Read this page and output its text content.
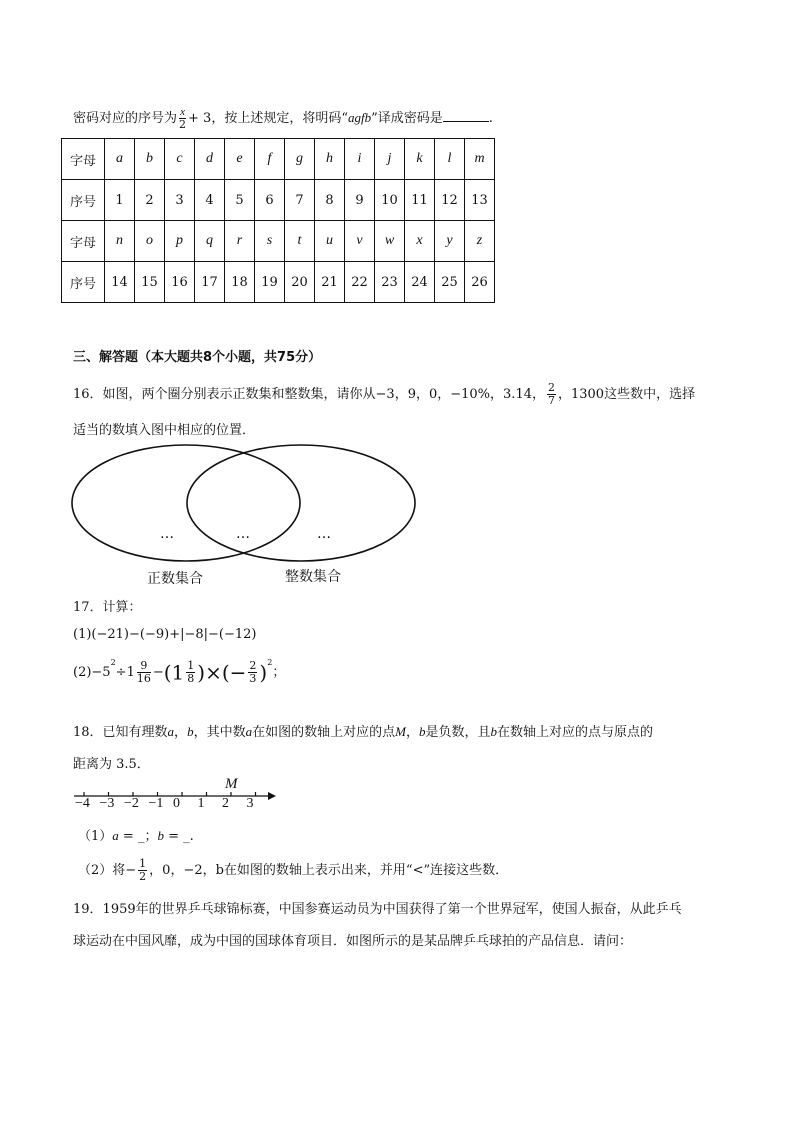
密码对应的序号为 $\frac{x}{2} + 3$，按上述规定，将明码“agfb”译成密码是	.
字母	a	b	c	d	e	f	g	h	i	j	k	l	m
序号	1	2	3	4	5	6	7	8	9	10	11	12	13
字母	n	o	p	q	r	s	t	u	v	w	x	y	z
序号	14	15	16	17	18	19	20	21	22	23	24	25	26
三、解答题（本大题共8个小题，共75分）
16．如图，两个圈分别表示正数集和整数集，请你从−3，9，0，−10%，3.14， $\frac{2}{7}$ ，1300这些数中，选择
适当的数填入图中相应的位置．
…	…	…
正数集合	整数集合
17．计算：
(1)(−21)−(−9)+|−8|−(−12)
$(2)-5^2\div 1 \frac{9}{16} -(1 \frac{1}{8}$ )×(− $\frac{2}{3} )^2$；
18．已知有理数a，b，其中数a在如图的数轴上对应的点M，b是负数，且b在数轴上对应的点与原点的
距离为 3.5．
M
−4 −3 −2 −1 0 1 2 3
（1）a = _；b = _.
（2）将− $\frac{1}{2}$ ，0，−2，b在如图的数轴上表示出来，并用“<”连接这些数．
19．1959年的世界乒乓球锦标赛，中国参赛运动员为中国获得了第一个世界冠军，使国人振奋，从此乒乓
球运动在中国风靡，成为中国的国球体育项目．如图所示的是某品牌乒乓球拍的产品信息．请问：
